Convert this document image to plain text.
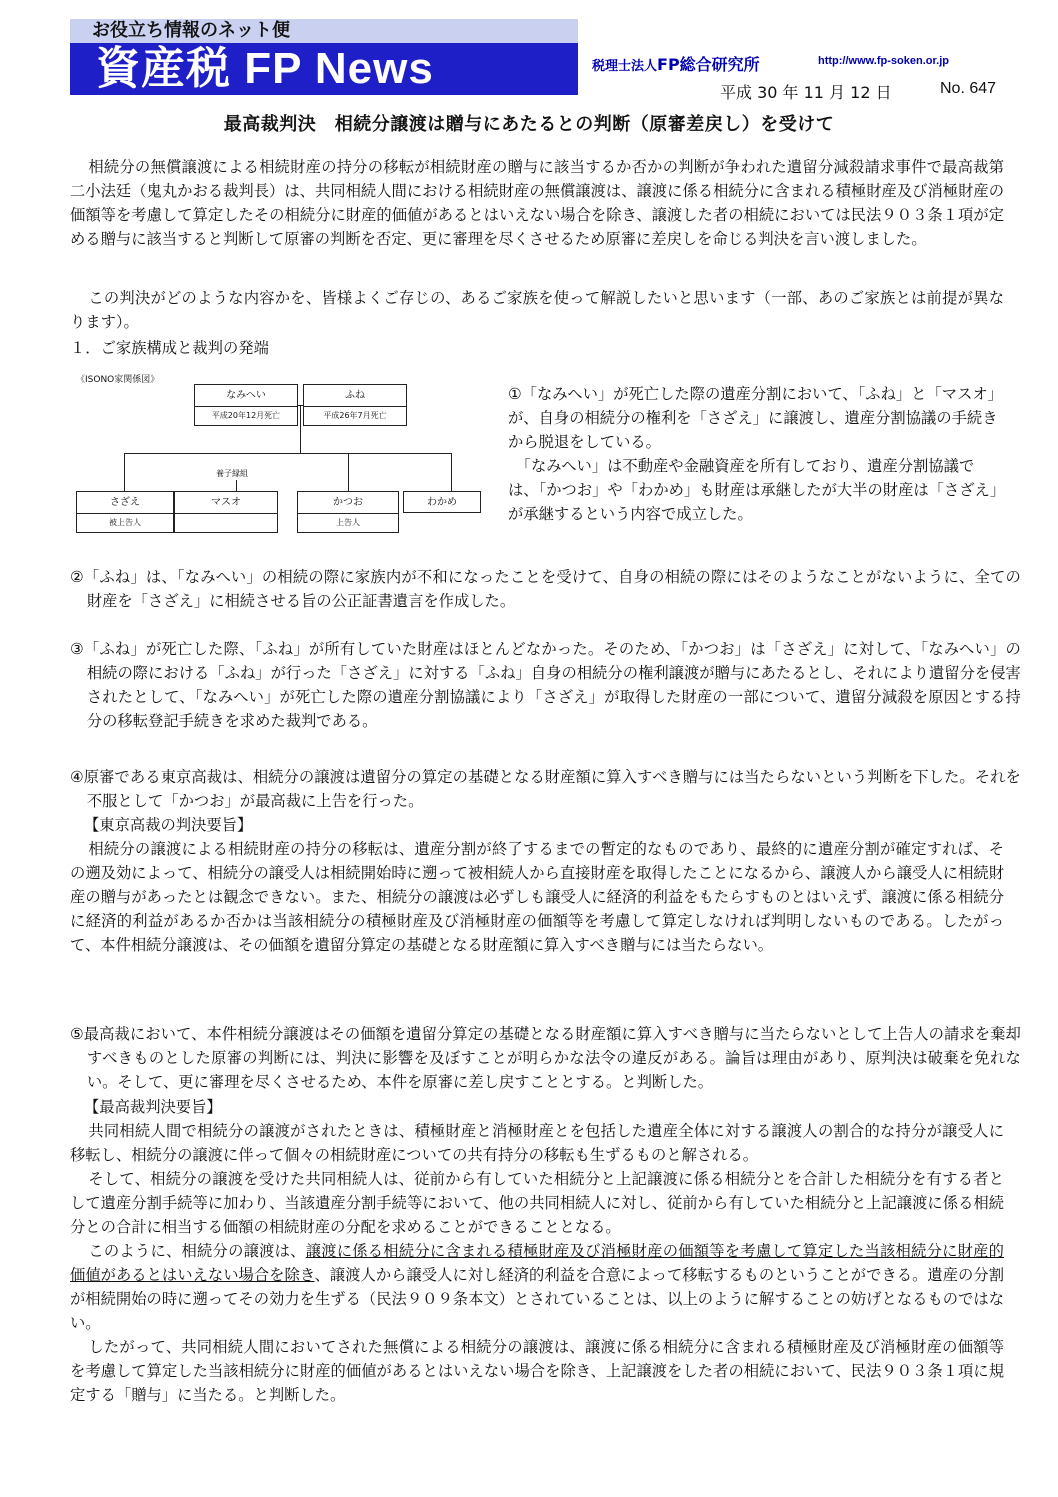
お役立ち情報のネット便
資産税 FP News	税理士法人FP総合研究所	http://www.fp-soken.or.jp
平成 30 年 11 月 12 日	No. 647
最高裁判決　相続分譲渡は贈与にあたるとの判断（原審差戻し）を受けて

相続分の無償譲渡による相続財産の持分の移転が相続財産の贈与に該当するか否かの判断が争われた遺留分減殺請求事件で最高裁第二小法廷（鬼丸かおる裁判長）は、共同相続人間における相続財産の無償譲渡は、譲渡に係る相続分に含まれる積極財産及び消極財産の価額等を考慮して算定したその相続分に財産的価値があるとはいえない場合を除き、譲渡した者の相続においては民法９０３条１項が定める贈与に該当すると判断して原審の判断を否定、更に審理を尽くさせるため原審に差戻しを命じる判決を言い渡しました。

この判決がどのような内容かを、皆様よくご存じの、あるご家族を使って解説したいと思います（一部、あのご家族とは前提が異なります）。

１．ご家族構成と裁判の発端
《ISONO家関係図》
なみへい
平成20年12月死亡
ふね
平成26年7月死亡
養子縁組
さざえ
被上告人
マスオ	かつお
上告人
わかめ
①「なみへい」が死亡した際の遺産分割において、「ふね」と「マスオ」が、自身の相続分の権利を「さざえ」に譲渡し、遺産分割協議の手続きから脱退をしている。
「なみへい」は不動産や金融資産を所有しており、遺産分割協議では、「かつお」や「わかめ」も財産は承継したが大半の財産は「さざえ」が承継するという内容で成立した。

②「ふね」は、「なみへい」の相続の際に家族内が不和になったことを受けて、自身の相続の際にはそのようなことがないように、全ての財産を「さざえ」に相続させる旨の公正証書遺言を作成した。

③「ふね」が死亡した際、「ふね」が所有していた財産はほとんどなかった。そのため、「かつお」は「さざえ」に対して、「なみへい」の相続の際における「ふね」が行った「さざえ」に対する「ふね」自身の相続分の権利譲渡が贈与にあたるとし、それにより遺留分を侵害されたとして、「なみへい」が死亡した際の遺産分割協議により「さざえ」が取得した財産の一部について、遺留分減殺を原因とする持分の移転登記手続きを求めた裁判である。

④原審である東京高裁は、相続分の譲渡は遺留分の算定の基礎となる財産額に算入すべき贈与には当たらないという判断を下した。それを不服として「かつお」が最高裁に上告を行った。

【東京高裁の判決要旨】

相続分の譲渡による相続財産の持分の移転は、遺産分割が終了するまでの暫定的なものであり、最終的に遺産分割が確定すれば、その遡及効によって、相続分の譲受人は相続開始時に遡って被相続人から直接財産を取得したことになるから、譲渡人から譲受人に相続財産の贈与があったとは観念できない。また、相続分の譲渡は必ずしも譲受人に経済的利益をもたらすものとはいえず、譲渡に係る相続分に経済的利益があるか否かは当該相続分の積極財産及び消極財産の価額等を考慮して算定しなければ判明しないものである。したがって、本件相続分譲渡は、その価額を遺留分算定の基礎となる財産額に算入すべき贈与には当たらない。

⑤最高裁において、本件相続分譲渡はその価額を遺留分算定の基礎となる財産額に算入すべき贈与に当たらないとして上告人の請求を棄却すべきものとした原審の判断には、判決に影響を及ぼすことが明らかな法令の違反がある。論旨は理由があり、原判決は破棄を免れない。そして、更に審理を尽くさせるため、本件を原審に差し戻すこととする。と判断した。

【最高裁判決要旨】

共同相続人間で相続分の譲渡がされたときは、積極財産と消極財産とを包括した遺産全体に対する譲渡人の割合的な持分が譲受人に移転し、相続分の譲渡に伴って個々の相続財産についての共有持分の移転も生ずるものと解される。

そして、相続分の譲渡を受けた共同相続人は、従前から有していた相続分と上記譲渡に係る相続分とを合計した相続分を有する者として遺産分割手続等に加わり、当該遺産分割手続等において、他の共同相続人に対し、従前から有していた相続分と上記譲渡に係る相続分との合計に相当する価額の相続財産の分配を求めることができることとなる。

このように、相続分の譲渡は、譲渡に係る相続分に含まれる積極財産及び消極財産の価額等を考慮して算定した当該相続分に財産的価値があるとはいえない場合を除き、譲渡人から譲受人に対し経済的利益を合意によって移転するものということができる。遺産の分割が相続開始の時に遡ってその効力を生ずる（民法９０９条本文）とされていることは、以上のように解することの妨げとなるものではない。

したがって、共同相続人間においてされた無償による相続分の譲渡は、譲渡に係る相続分に含まれる積極財産及び消極財産の価額等を考慮して算定した当該相続分に財産的価値があるとはいえない場合を除き、上記譲渡をした者の相続において、民法９０３条１項に規定する「贈与」に当たる。と判断した。
